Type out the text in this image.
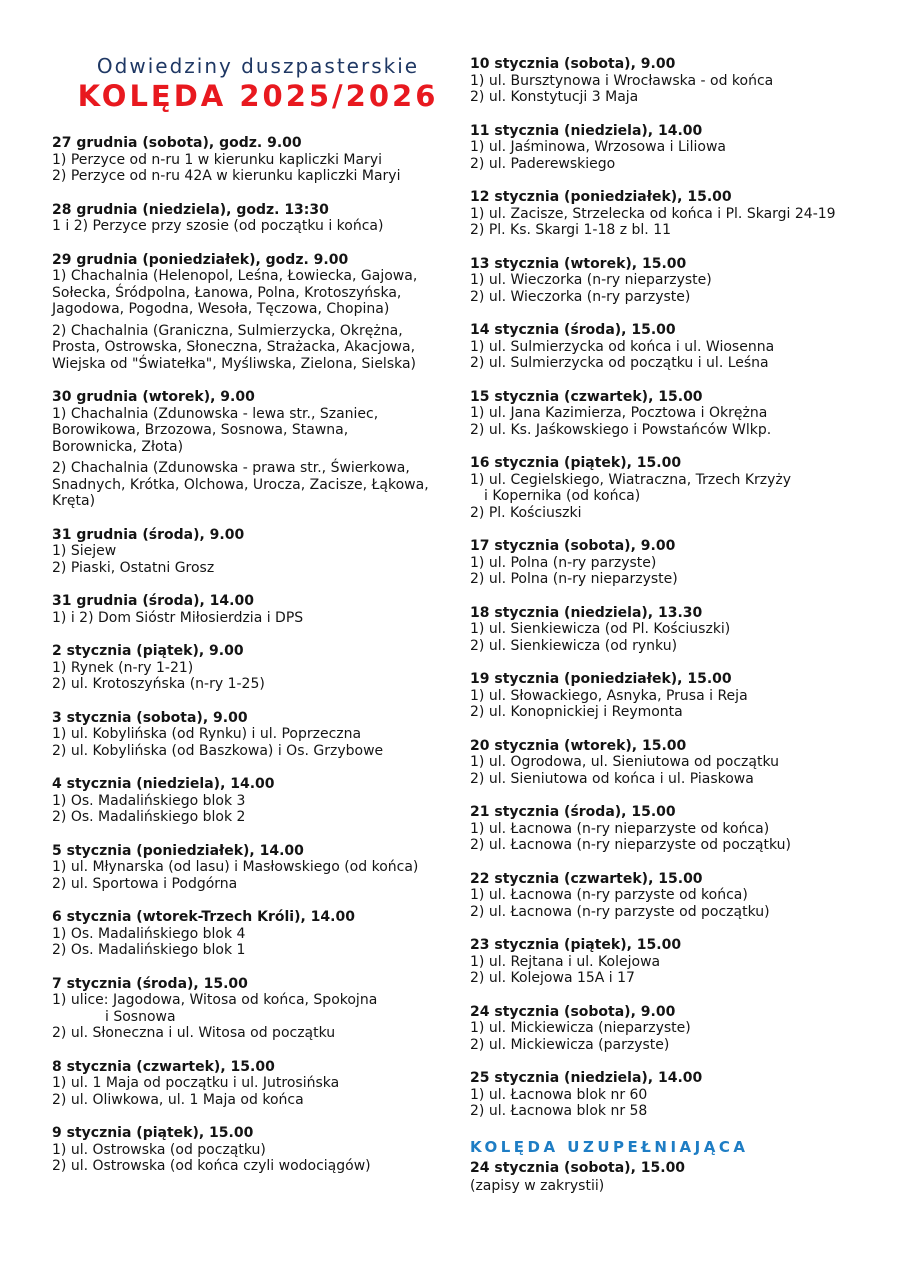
Odwiedziny duszpasterskie
KOLĘDA 2025/2026
27 grudnia (sobota), godz. 9.00
1) Perzyce od n-ru 1 w kierunku kapliczki Maryi
2) Perzyce od n-ru 42A w kierunku kapliczki Maryi
28 grudnia (niedziela), godz. 13:30
1 i 2) Perzyce przy szosie (od początku i końca)
29 grudnia (poniedziałek), godz. 9.00
1) Chachalnia (Helenopol, Leśna, Łowiecka, Gajowa,
Sołecka, Śródpolna, Łanowa, Polna, Krotoszyńska,
Jagodowa, Pogodna, Wesoła, Tęczowa, Chopina)
2) Chachalnia (Graniczna, Sulmierzycka, Okrężna,
Prosta, Ostrowska, Słoneczna, Strażacka, Akacjowa,
Wiejska od "Światełka", Myśliwska, Zielona, Sielska)
30 grudnia (wtorek), 9.00
1) Chachalnia (Zdunowska - lewa str., Szaniec,
Borowikowa, Brzozowa, Sosnowa, Stawna,
Borownicka, Złota)
2) Chachalnia (Zdunowska - prawa str., Świerkowa,
Snadnych, Krótka, Olchowa, Urocza, Zacisze, Łąkowa,
Kręta)
31 grudnia (środa), 9.00
1) Siejew
2) Piaski, Ostatni Grosz
31 grudnia (środa), 14.00
1) i 2) Dom Sióstr Miłosierdzia i DPS
2 stycznia (piątek), 9.00
1) Rynek (n-ry 1-21)
2) ul. Krotoszyńska (n-ry 1-25)
3 stycznia (sobota), 9.00
1) ul. Kobylińska (od Rynku) i ul. Poprzeczna
2) ul. Kobylińska (od Baszkowa) i Os. Grzybowe
4 stycznia (niedziela), 14.00
1) Os. Madalińskiego blok 3
2) Os. Madalińskiego blok 2
5 stycznia (poniedziałek), 14.00
1) ul. Młynarska (od lasu) i Masłowskiego (od końca)
2) ul. Sportowa i Podgórna
6 stycznia (wtorek-Trzech Króli), 14.00
1) Os. Madalińskiego blok 4
2) Os. Madalińskiego blok 1
7 stycznia (środa), 15.00
1) ulice: Jagodowa, Witosa od końca, Spokojna
i Sosnowa
2) ul. Słoneczna i ul. Witosa od początku
8 stycznia (czwartek), 15.00
1) ul. 1 Maja od początku i ul. Jutrosińska
2) ul. Oliwkowa, ul. 1 Maja od końca
9 stycznia (piątek), 15.00
1) ul. Ostrowska (od początku)
2) ul. Ostrowska (od końca czyli wodociągów)
10 stycznia (sobota), 9.00
1) ul. Bursztynowa i Wrocławska - od końca
2) ul. Konstytucji 3 Maja
11 stycznia (niedziela), 14.00
1) ul. Jaśminowa, Wrzosowa i Liliowa
2) ul. Paderewskiego
12 stycznia (poniedziałek), 15.00
1) ul. Zacisze, Strzelecka od końca i Pl. Skargi 24-19
2) Pl. Ks. Skargi 1-18 z bl. 11
13 stycznia (wtorek), 15.00
1) ul. Wieczorka (n-ry nieparzyste)
2) ul. Wieczorka (n-ry parzyste)
14 stycznia (środa), 15.00
1) ul. Sulmierzycka od końca i ul. Wiosenna
2) ul. Sulmierzycka od początku i ul. Leśna
15 stycznia (czwartek), 15.00
1) ul. Jana Kazimierza, Pocztowa i Okrężna
2) ul. Ks. Jaśkowskiego i Powstańców Wlkp.
16 stycznia (piątek), 15.00
1) ul. Cegielskiego, Wiatraczna, Trzech Krzyży
i Kopernika (od końca)
2) Pl. Kościuszki
17 stycznia (sobota), 9.00
1) ul. Polna (n-ry parzyste)
2) ul. Polna (n-ry nieparzyste)
18 stycznia (niedziela), 13.30
1) ul. Sienkiewicza (od Pl. Kościuszki)
2) ul. Sienkiewicza (od rynku)
19 stycznia (poniedziałek), 15.00
1) ul. Słowackiego, Asnyka, Prusa i Reja
2) ul. Konopnickiej i Reymonta
20 stycznia (wtorek), 15.00
1) ul. Ogrodowa, ul. Sieniutowa od początku
2) ul. Sieniutowa od końca i ul. Piaskowa
21 stycznia (środa), 15.00
1) ul. Łacnowa (n-ry nieparzyste od końca)
2) ul. Łacnowa (n-ry nieparzyste od początku)
22 stycznia (czwartek), 15.00
1) ul. Łacnowa (n-ry parzyste od końca)
2) ul. Łacnowa (n-ry parzyste od początku)
23 stycznia (piątek), 15.00
1) ul. Rejtana i ul. Kolejowa
2) ul. Kolejowa 15A i 17
24 stycznia (sobota), 9.00
1) ul. Mickiewicza (nieparzyste)
2) ul. Mickiewicza (parzyste)
25 stycznia (niedziela), 14.00
1) ul. Łacnowa blok nr 60
2) ul. Łacnowa blok nr 58
KOLĘDA UZUPEŁNIAJĄCA
24 stycznia (sobota), 15.00
(zapisy w zakrystii)
